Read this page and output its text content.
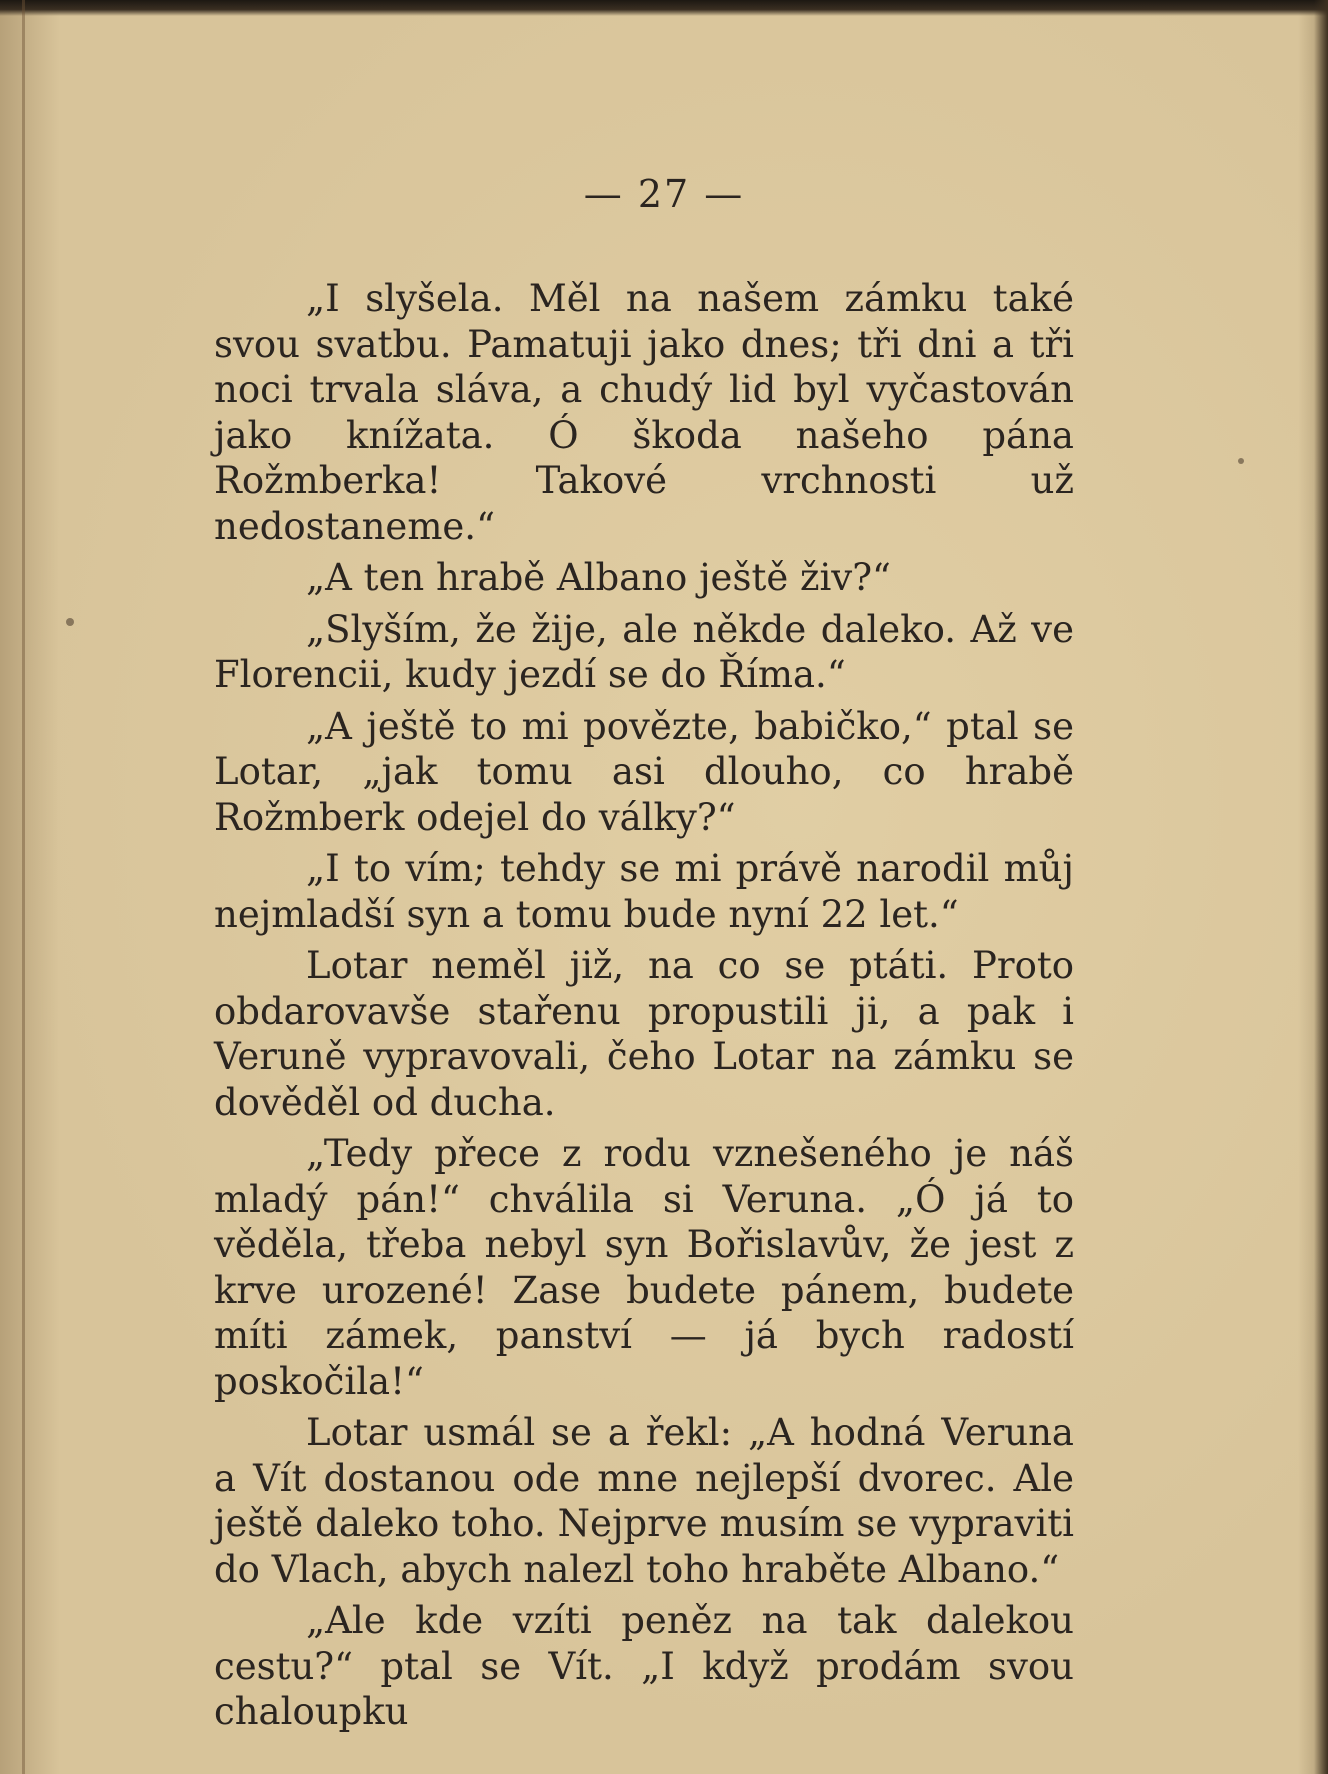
— 27 —

„I slyšela. Měl na našem zámku také svou svatbu. Pamatuji jako dnes; tři dni a tři noci trvala sláva, a chudý lid byl vyčastován jako knížata. Ó škoda našeho pána Rožmberka! Takové vrchnosti už nedostaneme.“

„A ten hrabě Albano ještě živ?“

„Slyším, že žije, ale někde daleko. Až ve Florencii, kudy jezdí se do Říma.“

„A ještě to mi povězte, babičko,“ ptal se Lotar, „jak tomu asi dlouho, co hrabě Rožmberk odejel do války?“

„I to vím; tehdy se mi právě narodil můj nejmladší syn a tomu bude nyní 22 let.“

Lotar neměl již, na co se ptáti. Proto obdarovavše stařenu propustili ji, a pak i Veruně vypravovali, čeho Lotar na zámku se dověděl od ducha.

„Tedy přece z rodu vznešeného je náš mladý pán!“ chválila si Veruna. „Ó já to věděla, třeba nebyl syn Bořislavův, že jest z krve urozené! Zase budete pánem, budete míti zámek, panství — já bych radostí poskočila!“

Lotar usmál se a řekl: „A hodná Veruna a Vít dostanou ode mne nejlepší dvorec. Ale ještě daleko toho. Nejprve musím se vypraviti do Vlach, abych nalezl toho hraběte Albano.“

„Ale kde vzíti peněz na tak dalekou cestu?“ ptal se Vít. „I když prodám svou chaloupku
